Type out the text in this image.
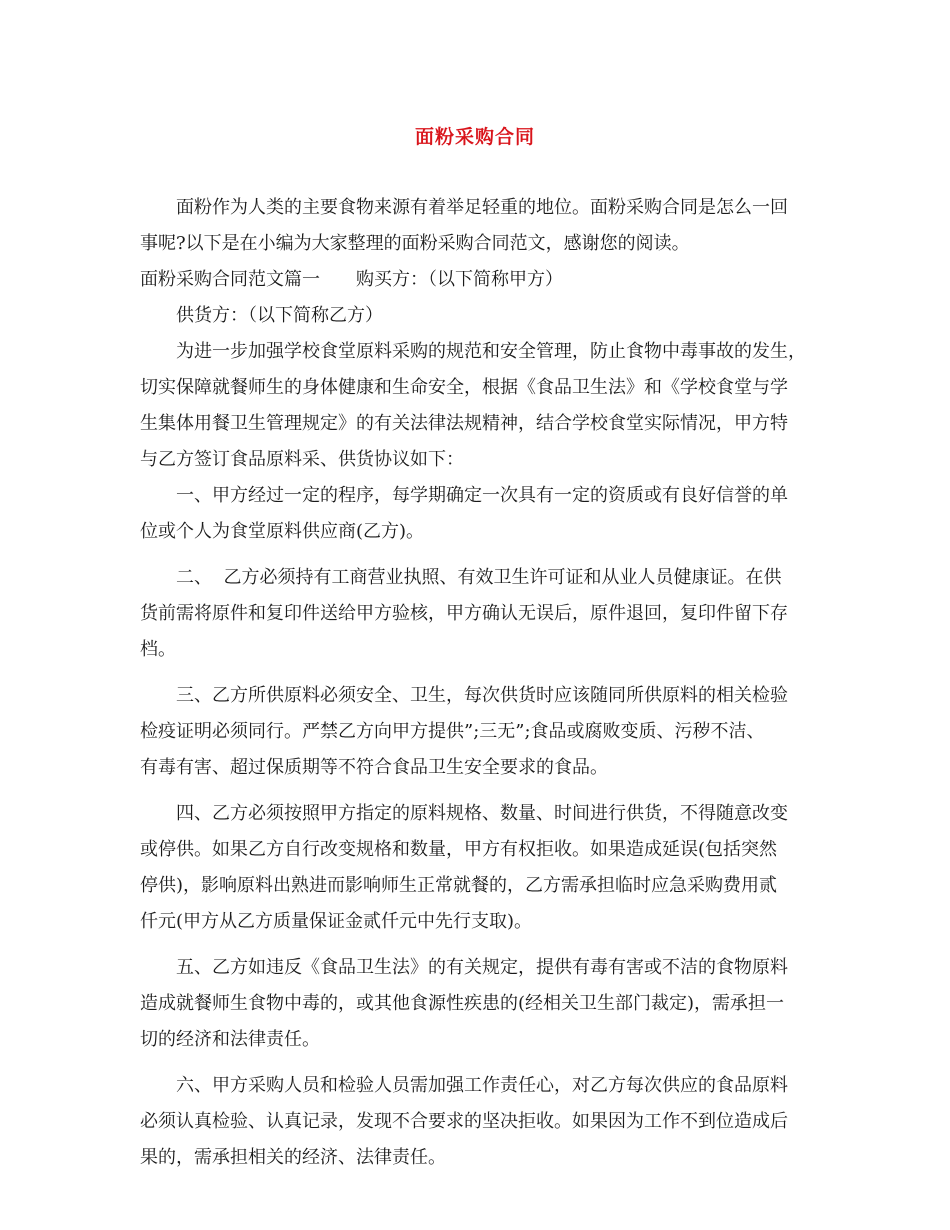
面粉采购合同

面粉作为人类的主要食物来源有着举足轻重的地位。面粉采购合同是怎么一回
事呢?以下是在小编为大家整理的面粉采购合同范文，感谢您的阅读。

面粉采购合同范文篇一 购买方：（以下简称甲方）

供货方：（以下简称乙方）

为进一步加强学校食堂原料采购的规范和安全管理，防止食物中毒事故的发生，
切实保障就餐师生的身体健康和生命安全，根据《食品卫生法》和《学校食堂与学
生集体用餐卫生管理规定》的有关法律法规精神，结合学校食堂实际情况，甲方特
与乙方签订食品原料采、供货协议如下：

一、甲方经过一定的程序，每学期确定一次具有一定的资质或有良好信誉的单
位或个人为食堂原料供应商(乙方)。

二、  乙方必须持有工商营业执照、有效卫生许可证和从业人员健康证。在供
货前需将原件和复印件送给甲方验核，甲方确认无误后，原件退回，复印件留下存
档。

三、乙方所供原料必须安全、卫生，每次供货时应该随同所供原料的相关检验
检疫证明必须同行。严禁乙方向甲方提供”;三无”;食品或腐败变质、污秽不洁、
有毒有害、超过保质期等不符合食品卫生安全要求的食品。

四、乙方必须按照甲方指定的原料规格、数量、时间进行供货，不得随意改变
或停供。如果乙方自行改变规格和数量，甲方有权拒收。如果造成延误(包括突然
停供)，影响原料出熟进而影响师生正常就餐的，乙方需承担临时应急采购费用贰
仟元(甲方从乙方质量保证金贰仟元中先行支取)。

五、乙方如违反《食品卫生法》的有关规定，提供有毒有害或不洁的食物原料
造成就餐师生食物中毒的，或其他食源性疾患的(经相关卫生部门裁定)，需承担一
切的经济和法律责任。

六、甲方采购人员和检验人员需加强工作责任心，对乙方每次供应的食品原料
必须认真检验、认真记录，发现不合要求的坚决拒收。如果因为工作不到位造成后
果的，需承担相关的经济、法律责任。
